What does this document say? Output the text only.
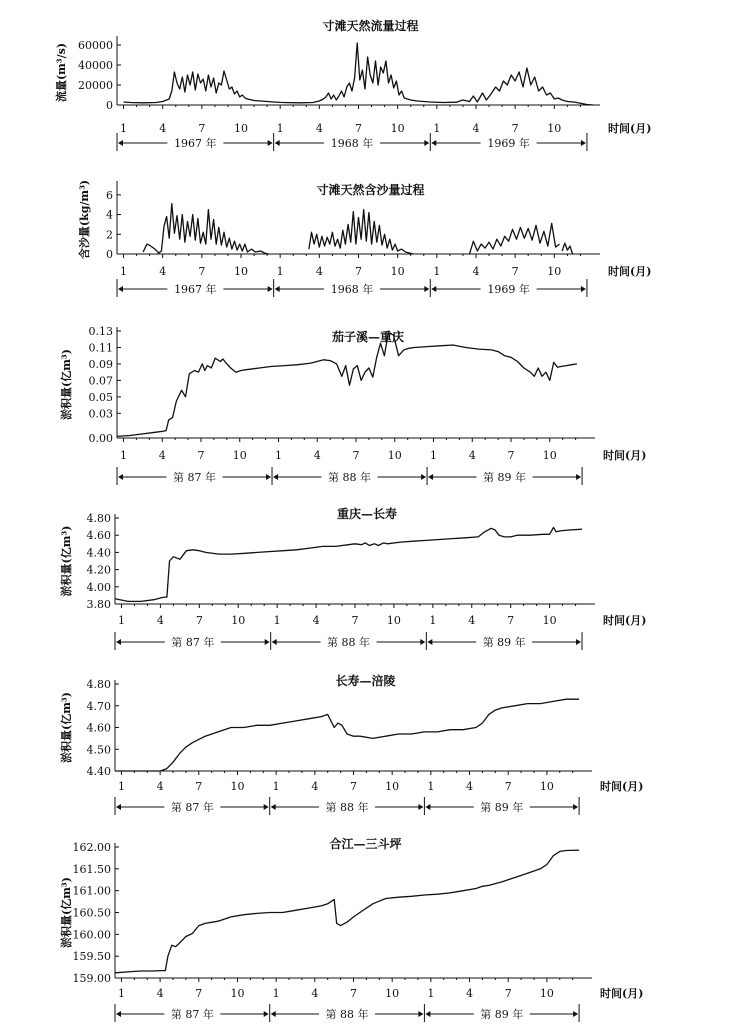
寸滩天然流量过程
0
20000
40000
60000
流量(m³/s)
1	4	7	10	1	4	7	10	1	4	7	10	时间(月)
1967 年	1968 年	1969 年
寸滩天然含沙量过程
0
2
4
6
含沙量(kg/m³)
1	4	7	10	1	4	7	10	1	4	7	10	时间(月)
1967 年	1968 年	1969 年
茄子溪—重庆
0.00
0.03
0.05
0.07
0.09
0.11
0.13
淤积量(亿m³)
1	4	7	10	1	4	7	10	1	4	7	10	时间(月)
第 87 年	第 88 年	第 89 年
重庆—长寿
3.80
4.00
4.20
4.40
4.60
4.80
淤积量(亿m³)
1	4	7	10	1	4	7	10	1	4	7	10	时间(月)
第 87 年	第 88 年	第 89 年
长寿—涪陵
4.40
4.50
4.60
4.70
4.80
淤积量(亿m³)
1	4	7	10	1	4	7	10	1	4	7	10	时间(月)
第 87 年	第 88 年	第 89 年
合江—三斗坪
159.00
159.50
160.00
160.50
161.00
161.50
162.00
淤积量(亿m³)
1	4	7	10	1	4	7	10	1	4	7	10	时间(月)
第 87 年	第 88 年	第 89 年
